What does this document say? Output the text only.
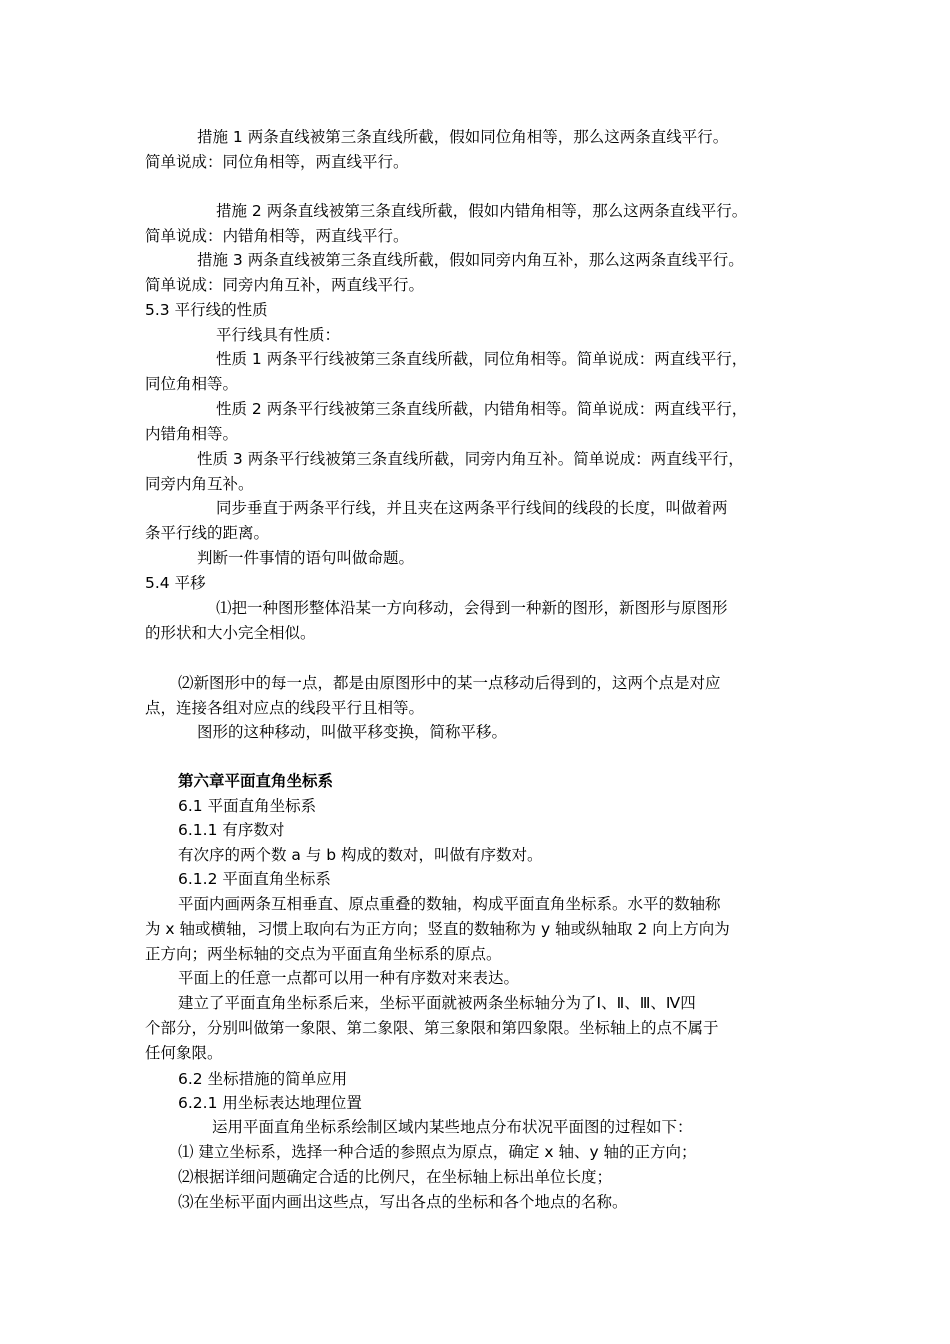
措施 1 两条直线被第三条直线所截，假如同位角相等，那么这两条直线平行。
简单说成：同位角相等，两直线平行。
措施 2 两条直线被第三条直线所截，假如内错角相等，那么这两条直线平行。
简单说成：内错角相等，两直线平行。
措施 3 两条直线被第三条直线所截，假如同旁内角互补，那么这两条直线平行。
简单说成：同旁内角互补，两直线平行。
5.3 平行线的性质
平行线具有性质：
性质 1 两条平行线被第三条直线所截，同位角相等。简单说成：两直线平行，
同位角相等。
性质 2 两条平行线被第三条直线所截，内错角相等。简单说成：两直线平行，
内错角相等。
性质 3 两条平行线被第三条直线所截，同旁内角互补。简单说成：两直线平行，
同旁内角互补。
同步垂直于两条平行线，并且夹在这两条平行线间的线段的长度，叫做着两
条平行线的距离。
判断一件事情的语句叫做命题。
5.4 平移
⑴把一种图形整体沿某一方向移动，会得到一种新的图形，新图形与原图形
的形状和大小完全相似。
⑵新图形中的每一点，都是由原图形中的某一点移动后得到的，这两个点是对应
点，连接各组对应点的线段平行且相等。
图形的这种移动，叫做平移变换，简称平移。
第六章平面直角坐标系
6.1 平面直角坐标系
6.1.1 有序数对
有次序的两个数 a 与 b 构成的数对，叫做有序数对。
6.1.2 平面直角坐标系
平面内画两条互相垂直、原点重叠的数轴，构成平面直角坐标系。水平的数轴称
为 x 轴或横轴，习惯上取向右为正方向；竖直的数轴称为 y 轴或纵轴取 2 向上方向为
正方向；两坐标轴的交点为平面直角坐标系的原点。
平面上的任意一点都可以用一种有序数对来表达。
建立了平面直角坐标系后来，坐标平面就被两条坐标轴分为了Ⅰ、Ⅱ、Ⅲ、Ⅳ四
个部分，分别叫做第一象限、第二象限、第三象限和第四象限。坐标轴上的点不属于
任何象限。
6.2 坐标措施的简单应用
6.2.1 用坐标表达地理位置
运用平面直角坐标系绘制区域内某些地点分布状况平面图的过程如下：
⑴ 建立坐标系，选择一种合适的参照点为原点，确定 x 轴、y 轴的正方向；
⑵根据详细问题确定合适的比例尺，在坐标轴上标出单位长度；
⑶在坐标平面内画出这些点，写出各点的坐标和各个地点的名称。
